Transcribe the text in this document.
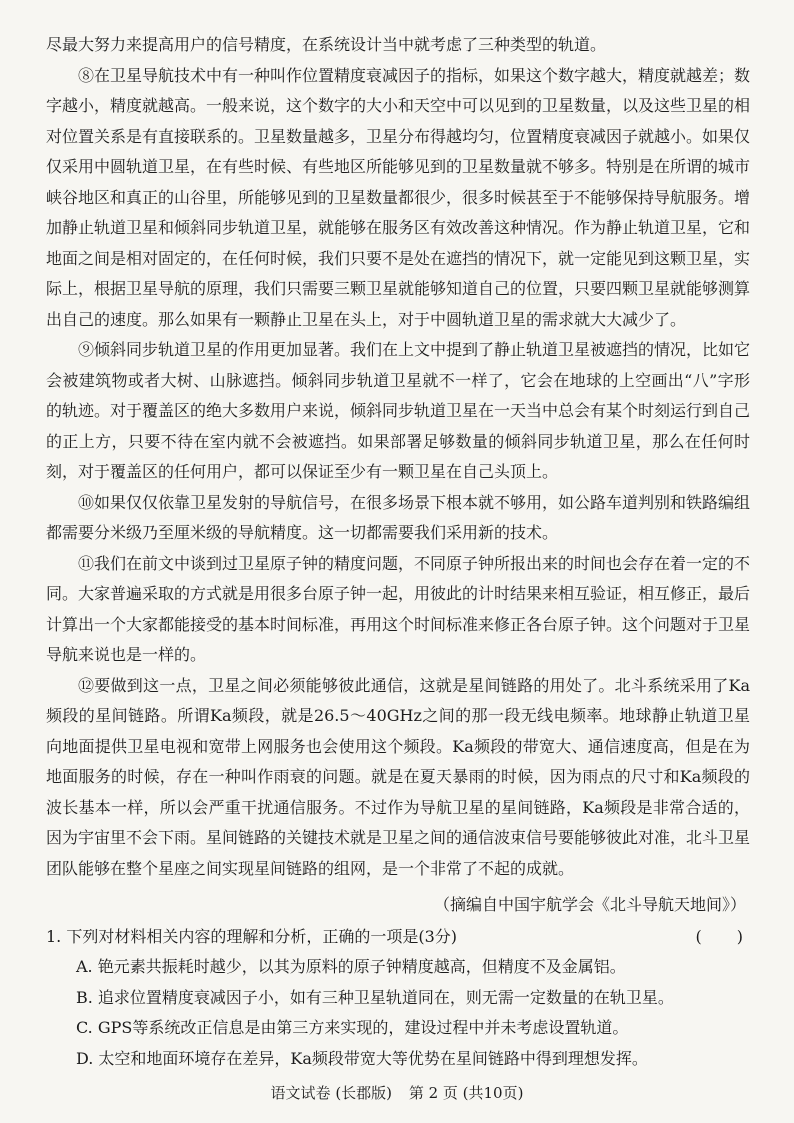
尽最大努力来提高用户的信号精度，在系统设计当中就考虑了三种类型的轨道。

⑧在卫星导航技术中有一种叫作位置精度衰减因子的指标，如果这个数字越大，精度就越差；数字越小，精度就越高。一般来说，这个数字的大小和天空中可以见到的卫星数量，以及这些卫星的相对位置关系是有直接联系的。卫星数量越多，卫星分布得越均匀，位置精度衰减因子就越小。如果仅仅采用中圆轨道卫星，在有些时候、有些地区所能够见到的卫星数量就不够多。特别是在所谓的城市峡谷地区和真正的山谷里，所能够见到的卫星数量都很少，很多时候甚至于不能够保持导航服务。增加静止轨道卫星和倾斜同步轨道卫星，就能够在服务区有效改善这种情况。作为静止轨道卫星，它和地面之间是相对固定的，在任何时候，我们只要不是处在遮挡的情况下，就一定能见到这颗卫星，实际上，根据卫星导航的原理，我们只需要三颗卫星就能够知道自己的位置，只要四颗卫星就能够测算出自己的速度。那么如果有一颗静止卫星在头上，对于中圆轨道卫星的需求就大大减少了。

⑨倾斜同步轨道卫星的作用更加显著。我们在上文中提到了静止轨道卫星被遮挡的情况，比如它会被建筑物或者大树、山脉遮挡。倾斜同步轨道卫星就不一样了，它会在地球的上空画出“八”字形的轨迹。对于覆盖区的绝大多数用户来说，倾斜同步轨道卫星在一天当中总会有某个时刻运行到自己的正上方，只要不待在室内就不会被遮挡。如果部署足够数量的倾斜同步轨道卫星，那么在任何时刻，对于覆盖区的任何用户，都可以保证至少有一颗卫星在自己头顶上。

⑩如果仅仅依靠卫星发射的导航信号，在很多场景下根本就不够用，如公路车道判别和铁路编组都需要分米级乃至厘米级的导航精度。这一切都需要我们采用新的技术。

⑪我们在前文中谈到过卫星原子钟的精度问题，不同原子钟所报出来的时间也会存在着一定的不同。大家普遍采取的方式就是用很多台原子钟一起，用彼此的计时结果来相互验证，相互修正，最后计算出一个大家都能接受的基本时间标准，再用这个时间标准来修正各台原子钟。这个问题对于卫星导航来说也是一样的。

⑫要做到这一点，卫星之间必须能够彼此通信，这就是星间链路的用处了。北斗系统采用了Ka频段的星间链路。所谓Ka频段，就是26.5～40GHz之间的那一段无线电频率。地球静止轨道卫星向地面提供卫星电视和宽带上网服务也会使用这个频段。Ka频段的带宽大、通信速度高，但是在为地面服务的时候，存在一种叫作雨衰的问题。就是在夏天暴雨的时候，因为雨点的尺寸和Ka频段的波长基本一样，所以会严重干扰通信服务。不过作为导航卫星的星间链路，Ka频段是非常合适的，因为宇宙里不会下雨。星间链路的关键技术就是卫星之间的通信波束信号要能够彼此对准，北斗卫星团队能够在整个星座之间实现星间链路的组网，是一个非常了不起的成就。

（摘编自中国宇航学会《北斗导航天地间》）
1. 下列对材料相关内容的理解和分析，正确的一项是(3分)	(　　)
A. 铯元素共振耗时越少，以其为原料的原子钟精度越高，但精度不及金属铝。
B. 追求位置精度衰减因子小，如有三种卫星轨道同在，则无需一定数量的在轨卫星。
C. GPS等系统改正信息是由第三方来实现的，建设过程中并未考虑设置轨道。
D. 太空和地面环境存在差异，Ka频段带宽大等优势在星间链路中得到理想发挥。
语文试卷 (长郡版) 第 2 页 (共10页)
